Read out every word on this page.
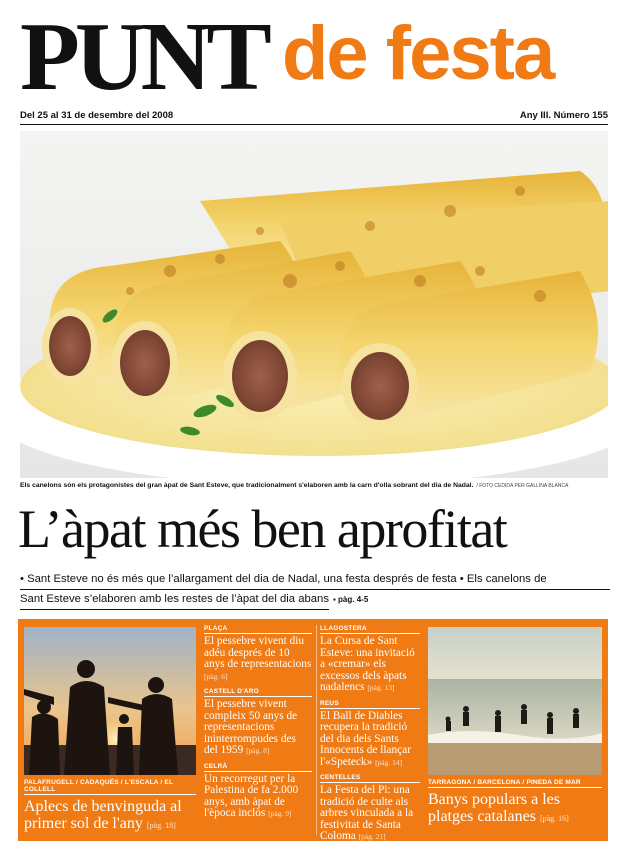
PUNT de festa
Del 25 al 31 de desembre del 2008	Any III. Número 155
Els canelons són els protagonistes del gran àpat de Sant Esteve, que tradicionalment s'elaboren amb la carn d'olla sobrant del dia de Nadal. / FOTO CEDIDA PER GALLINA BLANCA
L’àpat més ben aprofitat
• Sant Esteve no és més que l’allargament del dia de Nadal, una festa després de festa • Els canelons de
Sant Esteve s’elaboren amb les restes de l’àpat del dia abans ▪ pàg. 4-5
PALAFRUGELL / CADAQUÉS / L'ESCALA / EL COLLELL
Aplecs de benvinguda al primer sol de l'any [pàg. 18]
PLAÇA
El pessebre vivent diu adéu després de 10 anys de representacions [pàg. 6]
CASTELL D'ARO
El pessebre vivent compleix 50 anys de representacions ininterrompudes des del 1959 [pàg. 8]
CELRÀ
Un recorregut per la Palestina de fa 2.000 anys, amb àpat de l'època inclòs [pàg. 9]
LLAGOSTERA
La Cursa de Sant Esteve: una invitació a «cremar» els excessos dels àpats nadalencs [pàg. 13]
REUS
El Ball de Diables recupera la tradició del dia dels Sants Innocents de llançar l'«Speteck» [pàg. 14]
CENTELLES
La Festa del Pi: una tradició de culte als arbres vinculada a la festivitat de Santa Coloma [pàg. 21]
TARRAGONA / BARCELONA / PINEDA DE MAR
Banys populars a les platges catalanes [pàg. 16]
